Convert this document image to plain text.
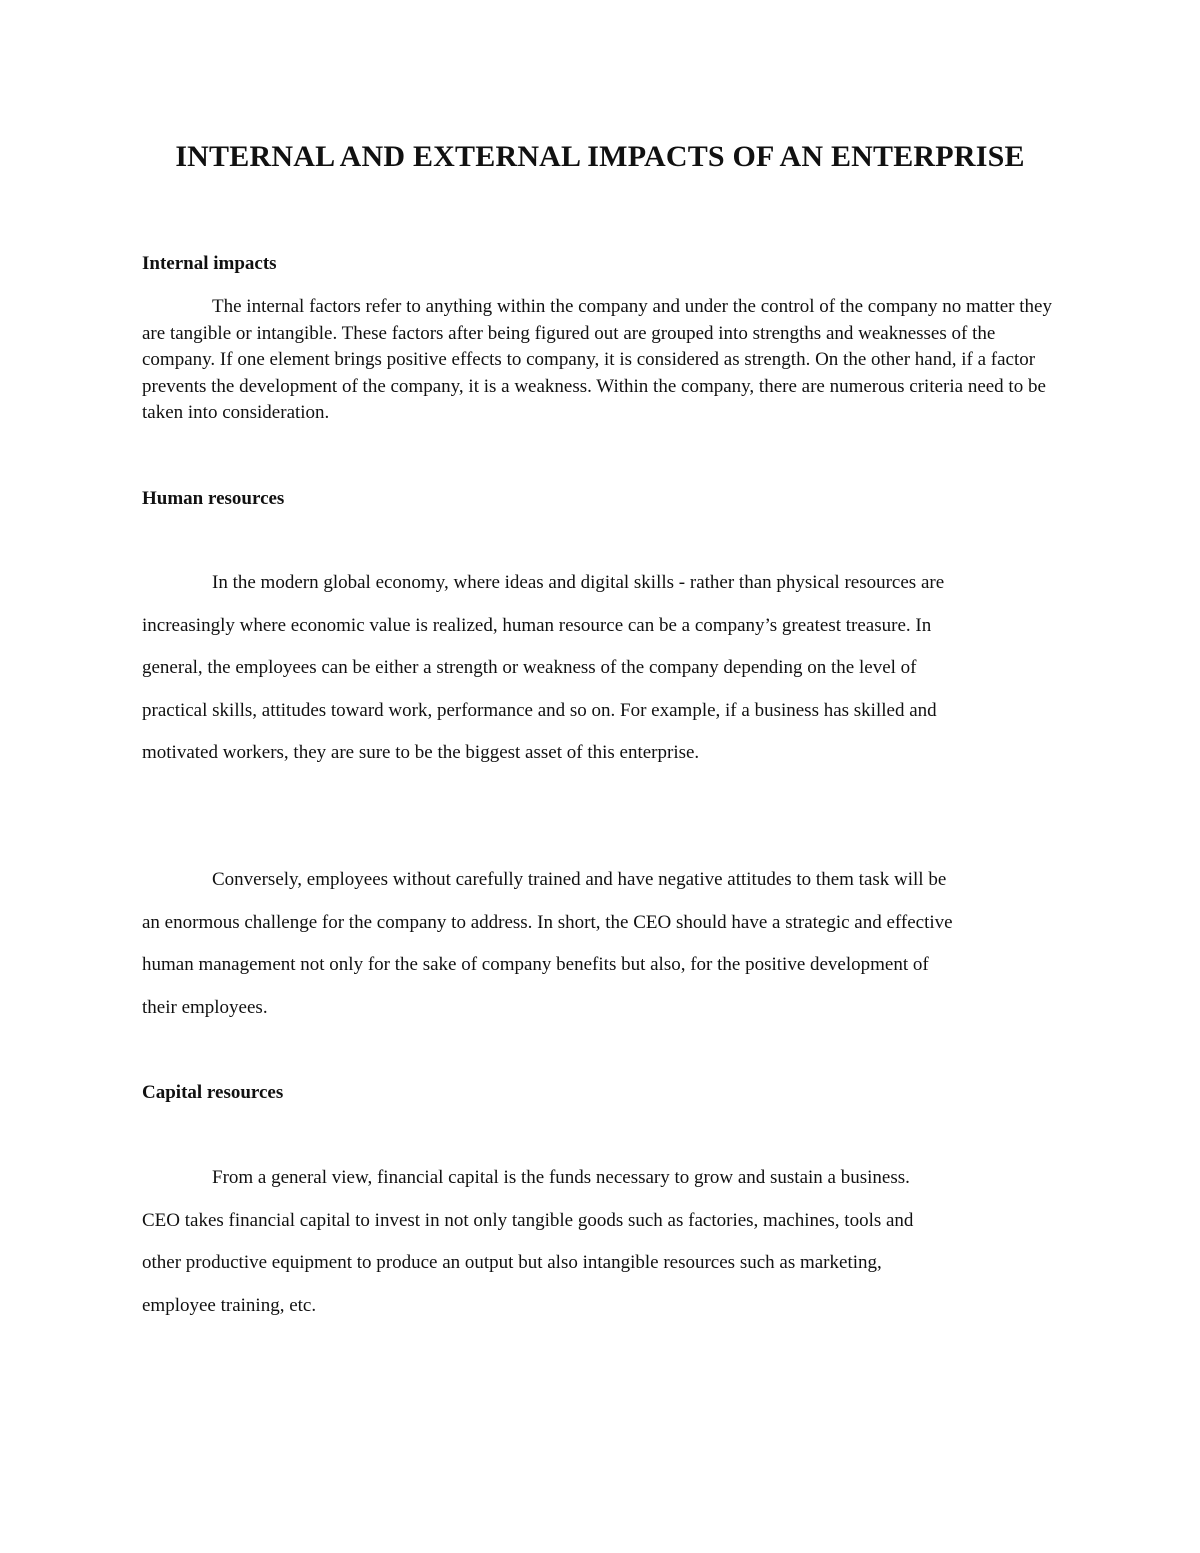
INTERNAL AND EXTERNAL IMPACTS OF AN ENTERPRISE
Internal impacts

The internal factors refer to anything within the company and under the control of the company no matter they are tangible or intangible. These factors after being figured out are grouped into strengths and weaknesses of the company. If one element brings positive effects to company, it is considered as strength. On the other hand, if a factor prevents the development of the company, it is a weakness. Within the company, there are numerous criteria need to be taken into consideration.

Human resources

In the modern global economy, where ideas and digital skills - rather than physical resources are increasingly where economic value is realized, human resource can be a company’s greatest treasure. In general, the employees can be either a strength or weakness of the company depending on the level of practical skills, attitudes toward work, performance and so on. For example, if a business has skilled and motivated workers, they are sure to be the biggest asset of this enterprise.

Conversely, employees without carefully trained and have negative attitudes to them task will be an enormous challenge for the company to address. In short, the CEO should have a strategic and effective human management not only for the sake of company benefits but also, for the positive development of their employees.

Capital resources

From a general view, financial capital is the funds necessary to grow and sustain a business. CEO takes financial capital to invest in not only tangible goods such as factories, machines, tools and other productive equipment to produce an output but also intangible resources such as marketing, employee training, etc.
